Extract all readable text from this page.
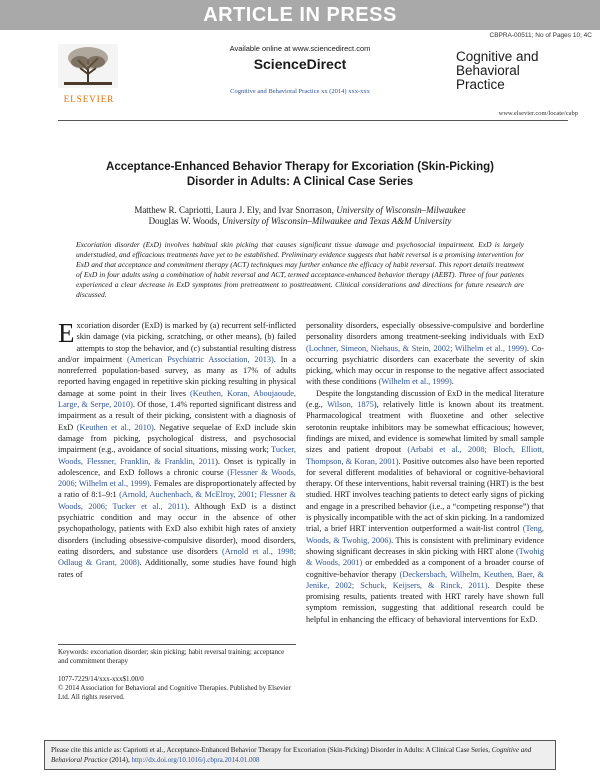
ARTICLE IN PRESS
CBPRA-00511; No of Pages 10; 4C
ELSEVIER
Available online at www.sciencedirect.com
ScienceDirect
Cognitive and Behavioral Practice xx (2014) xxx-xxx
Cognitive and
Behavioral
Practice
www.elsevier.com/locate/cabp
Acceptance-Enhanced Behavior Therapy for Excoriation (Skin-Picking)
Disorder in Adults: A Clinical Case Series
Matthew R. Capriotti, Laura J. Ely, and Ivar Snorrason, University of Wisconsin–Milwaukee
Douglas W. Woods, University of Wisconsin–Milwaukee and Texas A&M University
Excoriation disorder (ExD) involves habitual skin picking that causes significant tissue damage and psychosocial impairment. ExD is largely understudied, and efficacious treatments have yet to be established. Preliminary evidence suggests that habit reversal is a promising intervention for ExD and that acceptance and commitment therapy (ACT) techniques may further enhance the efficacy of habit reversal. This report details treatment of ExD in four adults using a combination of habit reversal and ACT, termed acceptance-enhanced behavior therapy (AEBT). Three of four patients experienced a clear decrease in ExD symptoms from pretreatment to posttreatment. Clinical considerations and directions for future research are discussed.

Excoriation disorder (ExD) is marked by (a) recurrent self-inflicted skin damage (via picking, scratching, or other means), (b) failed attempts to stop the behavior, and (c) substantial resulting distress and/or impairment (American Psychiatric Association, 2013). In a nonreferred population-based survey, as many as 17% of adults reported having engaged in repetitive skin picking resulting in physical damage at some point in their lives (Keuthen, Koran, Aboujaoude, Large, & Serpe, 2010). Of those, 1.4% reported significant distress and impairment as a result of their picking, consistent with a diagnosis of ExD (Keuthen et al., 2010). Negative sequelae of ExD include skin damage from picking, psychological distress, and psychosocial impairment (e.g., avoidance of social situations, missing work; Tucker, Woods, Flessner, Franklin, & Franklin, 2011). Onset is typically in adolescence, and ExD follows a chronic course (Flessner & Woods, 2006; Wilhelm et al., 1999). Females are disproportionately affected by a ratio of 8:1–9:1 (Arnold, Auchenbach, & McElroy, 2001; Flessner & Woods, 2006; Tucker et al., 2011). Although ExD is a distinct psychiatric condition and may occur in the absence of other psychopathology, patients with ExD also exhibit high rates of anxiety disorders (including obsessive-compulsive disorder), mood disorders, eating disorders, and substance use disorders (Arnold et al., 1998; Odlaug & Grant, 2008). Additionally, some studies have found high rates of

personality disorders, especially obsessive-compulsive and borderline personality disorders among treatment-seeking individuals with ExD (Lochner, Simeon, Niehaus, & Stein, 2002; Wilhelm et al., 1999). Co-occurring psychiatric disorders can exacerbate the severity of skin picking, which may occur in response to the negative affect associated with these conditions (Wilhelm et al., 1999).

Despite the longstanding discussion of ExD in the medical literature (e.g., Wilson, 1875), relatively little is known about its treatment. Pharmacological treatment with fluoxetine and other selective serotonin reuptake inhibitors may be somewhat efficacious; however, findings are mixed, and evidence is somewhat limited by small sample sizes and patient dropout (Arbabi et al., 2008; Bloch, Elliott, Thompson, & Koran, 2001). Positive outcomes also have been reported for several different modalities of behavioral or cognitive-behavioral therapy. Of these interventions, habit reversal training (HRT) is the best studied. HRT involves teaching patients to detect early signs of picking and engage in a prescribed behavior (i.e., a “competing response”) that is physically incompatible with the act of skin picking. In a randomized trial, a brief HRT intervention outperformed a wait-list control (Teng, Woods, & Twohig, 2006). This is consistent with preliminary evidence showing significant decreases in skin picking with HRT alone (Twohig & Woods, 2001) or embedded as a component of a broader course of cognitive-behavior therapy (Deckersbach, Wilhelm, Keuthen, Baer, & Jenike, 2002; Schuck, Keijsers, & Rinck, 2011). Despite these promising results, patients treated with HRT rarely have shown full symptom remission, suggesting that additional research could be helpful in enhancing the efficacy of behavioral interventions for ExD.

Keywords: excoriation disorder; skin picking; habit reversal training; acceptance and commitment therapy
1077-7229/14/xxx-xxx$1.00/0
© 2014 Association for Behavioral and Cognitive Therapies. Published by Elsevier Ltd. All rights reserved.
Please cite this article as: Capriotti et al., Acceptance-Enhanced Behavior Therapy for Excoriation (Skin-Picking) Disorder in Adults: A Clinical Case Series, Cognitive and Behavioral Practice (2014), http://dx.doi.org/10.1016/j.cbpra.2014.01.008
